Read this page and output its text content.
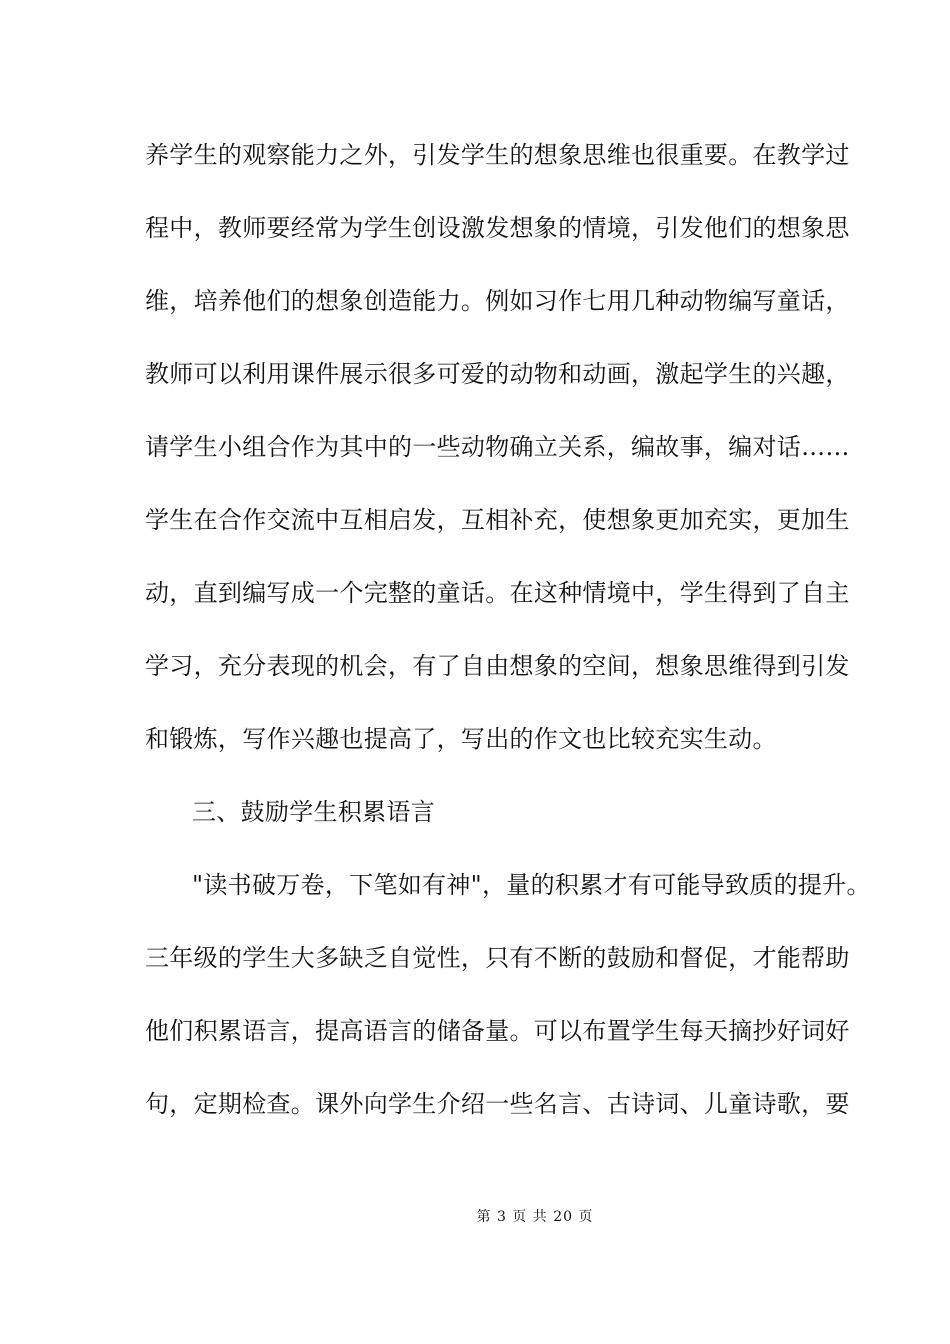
养学生的观察能力之外，引发学生的想象思维也很重要。在教学过
程中，教师要经常为学生创设激发想象的情境，引发他们的想象思
维，培养他们的想象创造能力。例如习作七用几种动物编写童话，
教师可以利用课件展示很多可爱的动物和动画，激起学生的兴趣，
请学生小组合作为其中的一些动物确立关系，编故事，编对话……
学生在合作交流中互相启发，互相补充，使想象更加充实，更加生
动，直到编写成一个完整的童话。在这种情境中，学生得到了自主
学习，充分表现的机会，有了自由想象的空间，想象思维得到引发
和锻炼，写作兴趣也提高了，写出的作文也比较充实生动。
三、鼓励学生积累语言
"读书破万卷，下笔如有神"，量的积累才有可能导致质的提升。
三年级的学生大多缺乏自觉性，只有不断的鼓励和督促，才能帮助
他们积累语言，提高语言的储备量。可以布置学生每天摘抄好词好
句，定期检查。课外向学生介绍一些名言、古诗词、儿童诗歌，要
第 3 页 共 20 页
